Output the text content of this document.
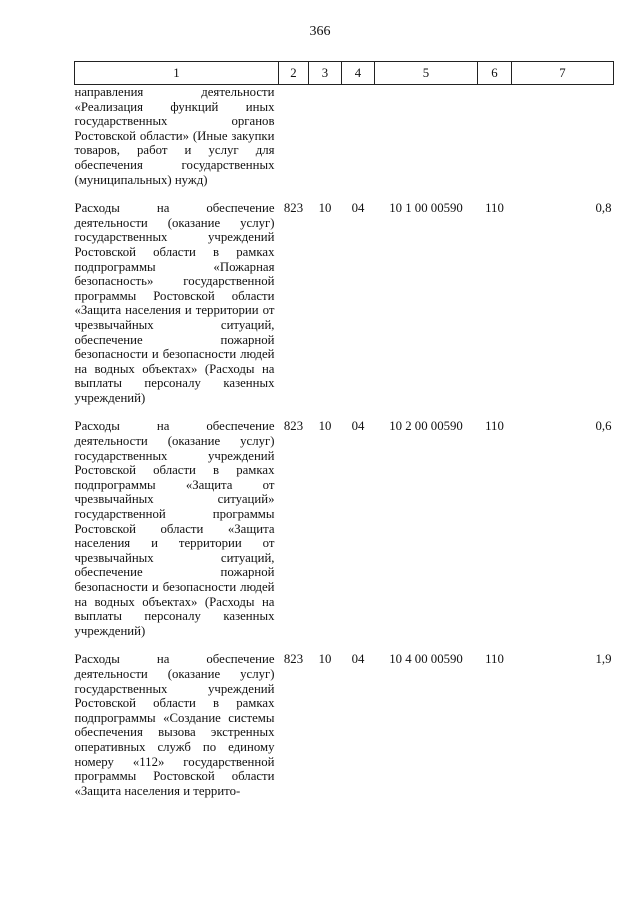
366
1	2	3	4	5	6	7
направления деятельности «Реализация функций иных государственных органов Ростовской области» (Иные закупки товаров, работ и услуг для обеспечения государственных (муниципальных) нужд)						
Расходы на обеспечение деятельности (оказание услуг) государственных учреждений Ростовской области в рамках подпрограммы «Пожарная безопасность» государственной программы Ростовской области «Защита населения и территории от чрезвычайных ситуаций, обеспечение пожарной безопасности и безопасности людей на водных объектах» (Расходы на выплаты персоналу казенных учреждений)	823	10	04	10 1 00 00590	110	0,8
Расходы на обеспечение деятельности (оказание услуг) государственных учреждений Ростовской области в рамках подпрограммы «Защита от чрезвычайных ситуаций» государственной программы Ростовской области «Защита населения и территории от чрезвычайных ситуаций, обеспечение пожарной безопасности и безопасности людей на водных объектах» (Расходы на выплаты персоналу казенных учреждений)	823	10	04	10 2 00 00590	110	0,6
Расходы на обеспечение деятельности (оказание услуг) государственных учреждений Ростовской области в рамках подпрограммы «Создание системы обеспечения вызова экстренных оперативных служб по единому номеру «112» государственной программы Ростовской области «Защита населения и террито-	823	10	04	10 4 00 00590	110	1,9
